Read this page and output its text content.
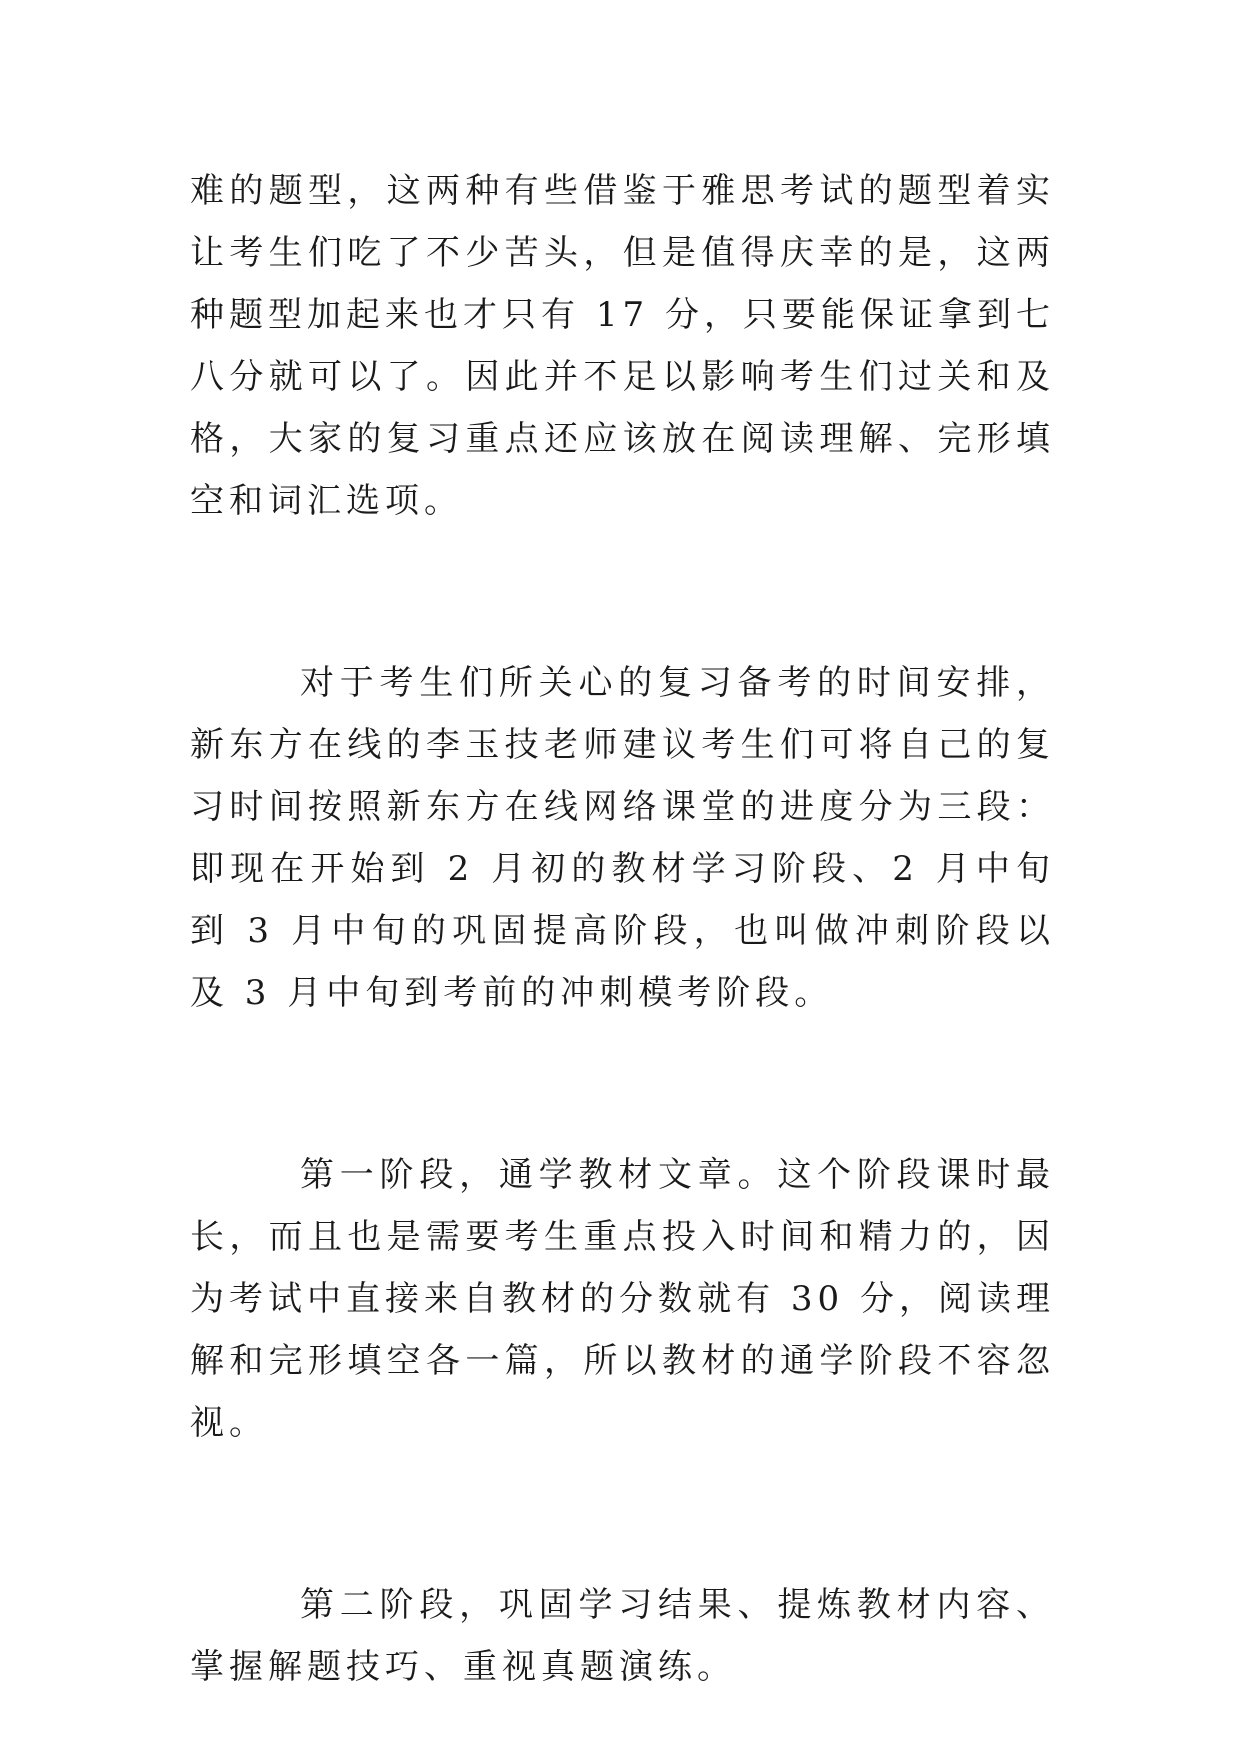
难的题型，这两种有些借鉴于雅思考试的题型着实让考生们吃了不少苦头，但是值得庆幸的是，这两种题型加起来也才只有 17 分，只要能保证拿到七八分就可以了。因此并不足以影响考生们过关和及格，大家的复习重点还应该放在阅读理解、完形填空和词汇选项。

对于考生们所关心的复习备考的时间安排，新东方在线的李玉技老师建议考生们可将自己的复习时间按照新东方在线网络课堂的进度分为三段：即现在开始到 2 月初的教材学习阶段、2 月中旬到 3 月中旬的巩固提高阶段，也叫做冲刺阶段以及 3 月中旬到考前的冲刺模考阶段。

第一阶段，通学教材文章。这个阶段课时最长，而且也是需要考生重点投入时间和精力的，因为考试中直接来自教材的分数就有 30 分，阅读理解和完形填空各一篇，所以教材的通学阶段不容忽视。

第二阶段，巩固学习结果、提炼教材内容、掌握解题技巧、重视真题演练。
